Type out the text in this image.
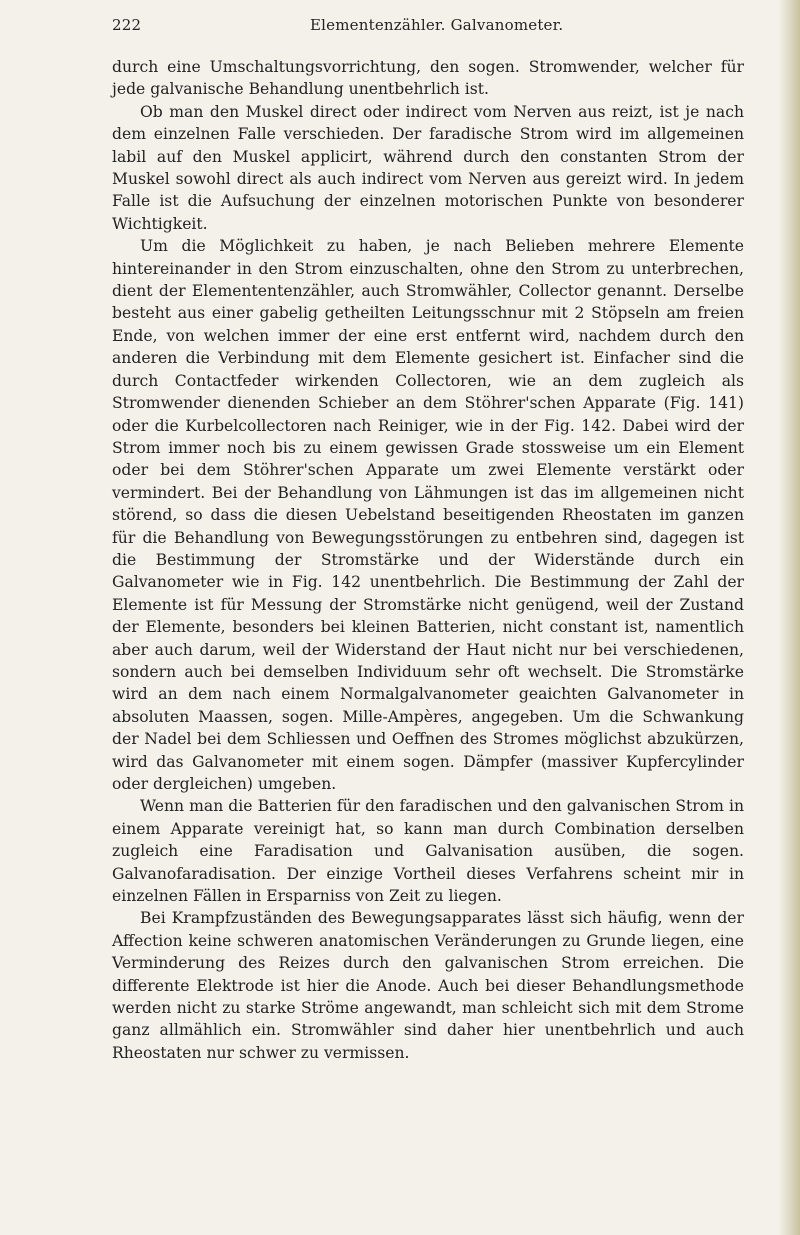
222	Elementenzähler. Galvanometer.

durch eine Umschaltungsvorrichtung, den sogen. Stromwender, welcher für jede galvanische Behandlung unentbehrlich ist.

Ob man den Muskel direct oder indirect vom Nerven aus reizt, ist je nach dem einzelnen Falle verschieden. Der faradische Strom wird im allgemeinen labil auf den Muskel applicirt, während durch den constanten Strom der Muskel sowohl direct als auch indirect vom Nerven aus gereizt wird. In jedem Falle ist die Aufsuchung der einzelnen motorischen Punkte von besonderer Wichtigkeit.

Um die Möglichkeit zu haben, je nach Belieben mehrere Elemente hintereinander in den Strom einzuschalten, ohne den Strom zu unterbrechen, dient der Elemententenzähler, auch Stromwähler, Collector genannt. Derselbe besteht aus einer gabelig getheilten Leitungsschnur mit 2 Stöpseln am freien Ende, von welchen immer der eine erst entfernt wird, nachdem durch den anderen die Verbindung mit dem Elemente gesichert ist. Einfacher sind die durch Contactfeder wirkenden Collectoren, wie an dem zugleich als Stromwender dienenden Schieber an dem Stöhrer'schen Apparate (Fig. 141) oder die Kurbelcollectoren nach Reiniger, wie in der Fig. 142. Dabei wird der Strom immer noch bis zu einem gewissen Grade stossweise um ein Element oder bei dem Stöhrer'schen Apparate um zwei Elemente verstärkt oder vermindert. Bei der Behandlung von Lähmungen ist das im allgemeinen nicht störend, so dass die diesen Uebelstand beseitigenden Rheostaten im ganzen für die Behandlung von Bewegungsstörungen zu entbehren sind, dagegen ist die Bestimmung der Stromstärke und der Widerstände durch ein Galvanometer wie in Fig. 142 unentbehrlich. Die Bestimmung der Zahl der Elemente ist für Messung der Stromstärke nicht genügend, weil der Zustand der Elemente, besonders bei kleinen Batterien, nicht constant ist, namentlich aber auch darum, weil der Widerstand der Haut nicht nur bei verschiedenen, sondern auch bei demselben Individuum sehr oft wechselt. Die Stromstärke wird an dem nach einem Normalgalvanometer geaichten Galvanometer in absoluten Maassen, sogen. Mille-Ampères, angegeben. Um die Schwankung der Nadel bei dem Schliessen und Oeffnen des Stromes möglichst abzukürzen, wird das Galvanometer mit einem sogen. Dämpfer (massiver Kupfercylinder oder dergleichen) umgeben.

Wenn man die Batterien für den faradischen und den galvanischen Strom in einem Apparate vereinigt hat, so kann man durch Combination derselben zugleich eine Faradisation und Galvanisation ausüben, die sogen. Galvanofaradisation. Der einzige Vortheil dieses Verfahrens scheint mir in einzelnen Fällen in Ersparniss von Zeit zu liegen.

Bei Krampfzuständen des Bewegungsapparates lässt sich häufig, wenn der Affection keine schweren anatomischen Veränderungen zu Grunde liegen, eine Verminderung des Reizes durch den galvanischen Strom erreichen. Die differente Elektrode ist hier die Anode. Auch bei dieser Behandlungsmethode werden nicht zu starke Ströme angewandt, man schleicht sich mit dem Strome ganz allmählich ein. Stromwähler sind daher hier unentbehrlich und auch Rheostaten nur schwer zu vermissen.
